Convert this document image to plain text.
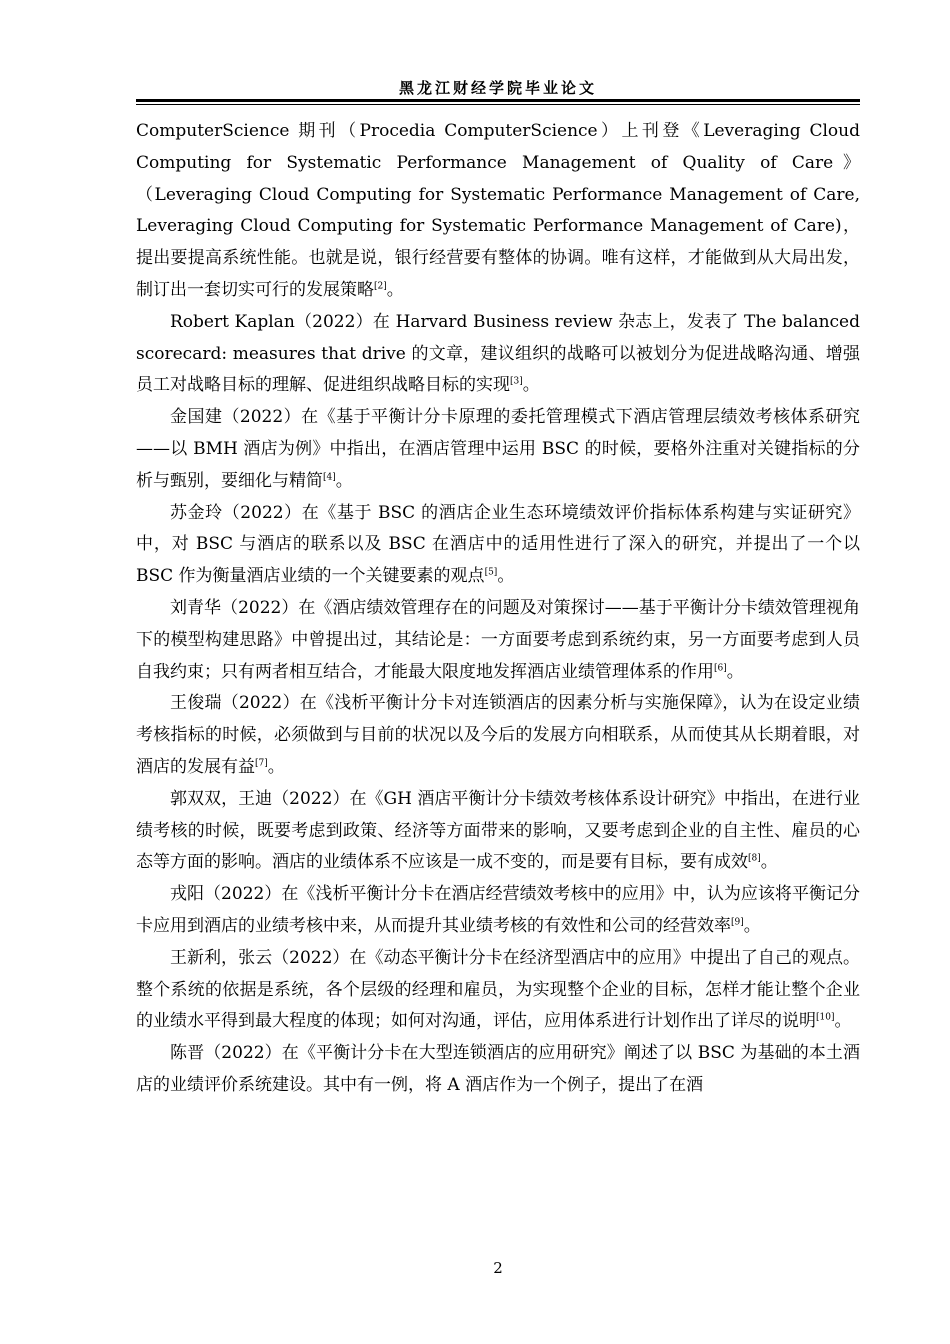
黑龙江财经学院毕业论文

ComputerScience 期刊（Procedia ComputerScience）上刊登《Leveraging Cloud Computing for Systematic Performance Management of Quality of Care》（Leveraging Cloud Computing for Systematic Performance Management of Care, Leveraging Cloud Computing for Systematic Performance Management of Care)，提出要提高系统性能。也就是说，银行经营要有整体的协调。唯有这样，才能做到从大局出发，制订出一套切实可行的发展策略[2]。

Robert Kaplan（2022）在 Harvard Business review 杂志上，发表了 The balanced scorecard: measures that drive 的文章，建议组织的战略可以被划分为促进战略沟通、增强员工对战略目标的理解、促进组织战略目标的实现[3]。

金国建（2022）在《基于平衡计分卡原理的委托管理模式下酒店管理层绩效考核体系研究——以 BMH 酒店为例》中指出，在酒店管理中运用 BSC 的时候，要格外注重对关键指标的分析与甄别，要细化与精简[4]。

苏金玲（2022）在《基于 BSC 的酒店企业生态环境绩效评价指标体系构建与实证研究》中，对 BSC 与酒店的联系以及 BSC 在酒店中的适用性进行了深入的研究，并提出了一个以 BSC 作为衡量酒店业绩的一个关键要素的观点[5]。

刘青华（2022）在《酒店绩效管理存在的问题及对策探讨——基于平衡计分卡绩效管理视角下的模型构建思路》中曾提出过，其结论是：一方面要考虑到系统约束，另一方面要考虑到人员自我约束；只有两者相互结合，才能最大限度地发挥酒店业绩管理体系的作用[6]。

王俊瑞（2022）在《浅析平衡计分卡对连锁酒店的因素分析与实施保障》，认为在设定业绩考核指标的时候，必须做到与目前的状况以及今后的发展方向相联系，从而使其从长期着眼，对酒店的发展有益[7]。

郭双双，王迪（2022）在《GH 酒店平衡计分卡绩效考核体系设计研究》中指出，在进行业绩考核的时候，既要考虑到政策、经济等方面带来的影响，又要考虑到企业的自主性、雇员的心态等方面的影响。酒店的业绩体系不应该是一成不变的，而是要有目标，要有成效[8]。

戎阳（2022）在《浅析平衡计分卡在酒店经营绩效考核中的应用》中，认为应该将平衡记分卡应用到酒店的业绩考核中来，从而提升其业绩考核的有效性和公司的经营效率[9]。

王新利，张云（2022）在《动态平衡计分卡在经济型酒店中的应用》中提出了自己的观点。整个系统的依据是系统，各个层级的经理和雇员，为实现整个企业的目标，怎样才能让整个企业的业绩水平得到最大程度的体现；如何对沟通，评估，应用体系进行计划作出了详尽的说明[10]。

陈晋（2022）在《平衡计分卡在大型连锁酒店的应用研究》阐述了以 BSC 为基础的本土酒店的业绩评价系统建设。其中有一例，将 A 酒店作为一个例子，提出了在酒

2
